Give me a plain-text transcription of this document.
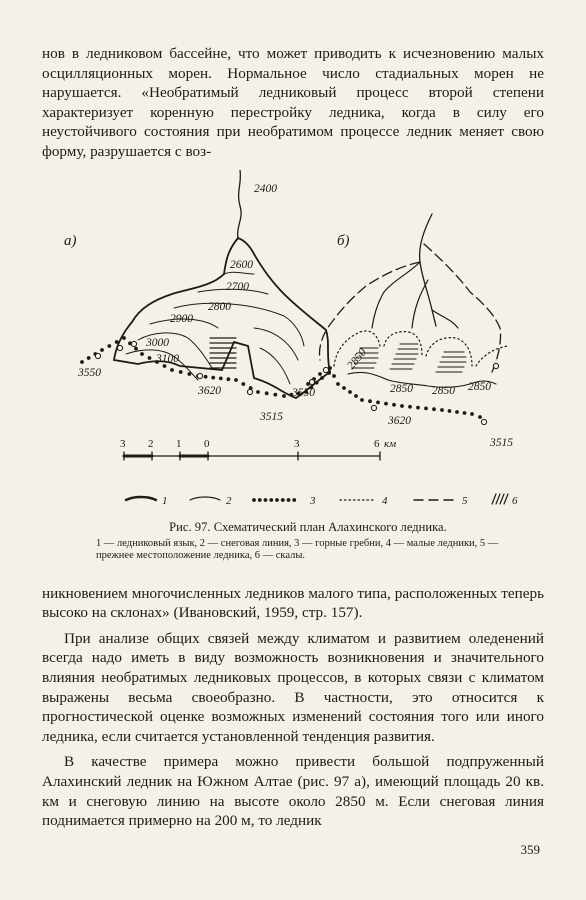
нов в ледниковом бассейне, что может приводить к исчезновению малых осцилляционных морен. Нормальное число стадиальных морен не нарушается. «Необратимый ледниковый процесс второй степени характеризует коренную перестройку ледника, когда в силу его неустойчивого состояния при необратимом процессе ледник меняет свою форму, разрушается с воз-

а)	б)
2400
2600
2700
2800
2900
3000
3100
3550
3620
3515
2850
2850 2850 2850
3550
3620
3515
3 2 1 0	3	6 км
1	2	3	4	5	6
Рис. 97. Схематический план Алахинского ледника.
1 — ледниковый язык, 2 — снеговая линия, 3 — горные гребни, 4 — малые ледники, 5 — прежнее местоположение ледника, 6 — скалы.

никновением многочисленных ледников малого типа, расположенных теперь высоко на склонах» (Ивановский, 1959, стр. 157).

При анализе общих связей между климатом и развитием оледенений всегда надо иметь в виду возможность возникновения и значительного влияния необратимых ледниковых процессов, в которых связи с климатом выражены весьма своеобразно. В частности, это относится к прогностической оценке возможных изменений состояния того или иного ледника, если считается установленной тенденция развития.

В качестве примера можно привести большой подпруженный Алахинский ледник на Южном Алтае (рис. 97 а), имеющий площадь 20 кв. км и снеговую линию на высоте около 2850 м. Если снеговая линия поднимается примерно на 200 м, то ледник

359
